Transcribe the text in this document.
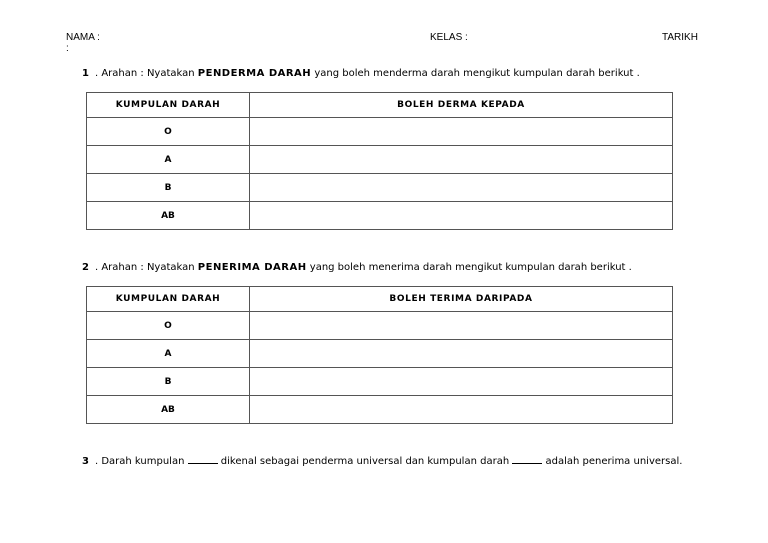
NAMA :
:
KELAS :	TARIKH
1 . Arahan : Nyatakan PENDERMA DARAH yang boleh menderma darah mengikut kumpulan darah berikut .
KUMPULAN DARAH	BOLEH DERMA KEPADA
O	
A	
B	
AB	
2 . Arahan : Nyatakan PENERIMA DARAH yang boleh menerima darah mengikut kumpulan darah berikut .
KUMPULAN DARAH	BOLEH TERIMA DARIPADA
O	
A	
B	
AB	
3 . Darah kumpulan	dikenal sebagai penderma universal dan kumpulan darah	adalah penerima universal.
